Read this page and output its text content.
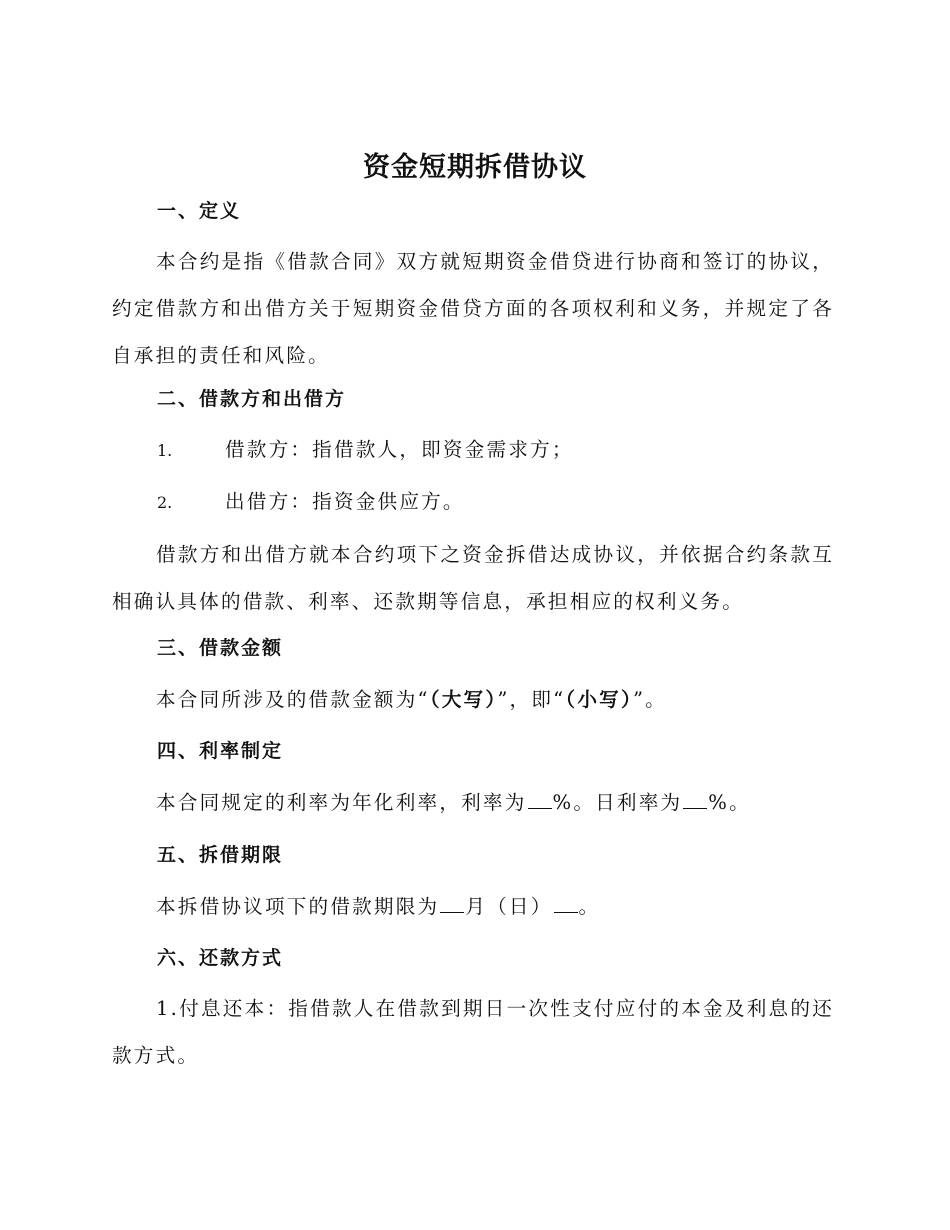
资金短期拆借协议
一、定义

本合约是指《借款合同》双方就短期资金借贷进行协商和签订的协议，约定借款方和出借方关于短期资金借贷方面的各项权利和义务，并规定了各自承担的责任和风险。

二、借款方和出借方
1.	借款方：指借款人，即资金需求方；
2.	出借方：指资金供应方。

借款方和出借方就本合约项下之资金拆借达成协议，并依据合约条款互相确认具体的借款、利率、还款期等信息，承担相应的权利义务。

三、借款金额

本合同所涉及的借款金额为“（大写）”，即“（小写）”。

四、利率制定

本合同规定的利率为年化利率，利率为 %。日利率为 %。

五、拆借期限

本拆借协议项下的借款期限为 月（日） 。

六、还款方式

1.付息还本：指借款人在借款到期日一次性支付应付的本金及利息的还款方式。
